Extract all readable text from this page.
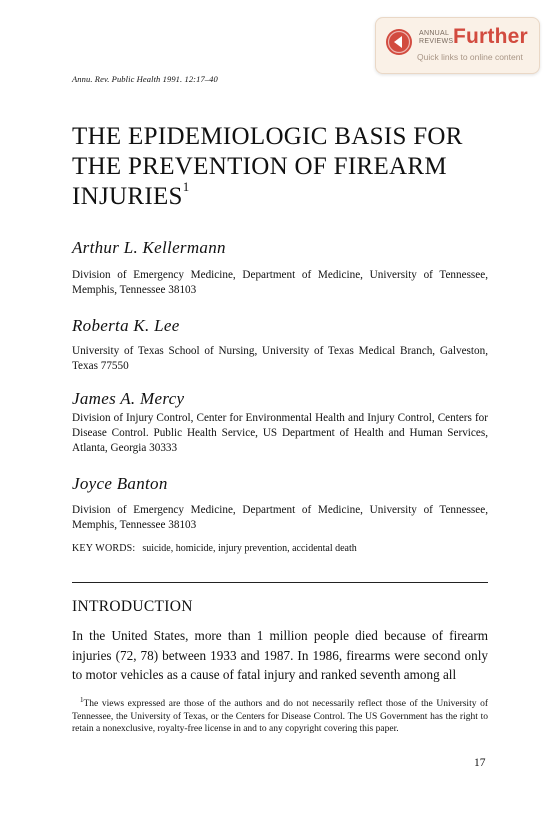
ANNUAL
REVIEWS Further
Quick links to online content
Annu. Rev. Public Health 1991. 12:17–40
THE EPIDEMIOLOGIC BASIS FOR THE PREVENTION OF FIREARM INJURIES$^1$
Arthur L. Kellermann
Division of Emergency Medicine, Department of Medicine, University of Tennessee, Memphis, Tennessee 38103
Roberta K. Lee
University of Texas School of Nursing, University of Texas Medical Branch, Galveston, Texas 77550
James A. Mercy
Division of Injury Control, Center for Environmental Health and Injury Control, Centers for Disease Control. Public Health Service, US Department of Health and Human Services, Atlanta, Georgia 30333
Joyce Banton
Division of Emergency Medicine, Department of Medicine, University of Tennessee, Memphis, Tennessee 38103
KEY WORDS: suicide, homicide, injury prevention, accidental death
INTRODUCTION

In the United States, more than 1 million people died because of firearm injuries (72, 78) between 1933 and 1987. In 1986, firearms were second only to motor vehicles as a cause of fatal injury and ranked seventh among all

$^1$The views expressed are those of the authors and do not necessarily reflect those of the University of Tennessee, the University of Texas, or the Centers for Disease Control. The US Government has the right to retain a nonexclusive, royalty-free license in and to any copyright covering this paper.

17
